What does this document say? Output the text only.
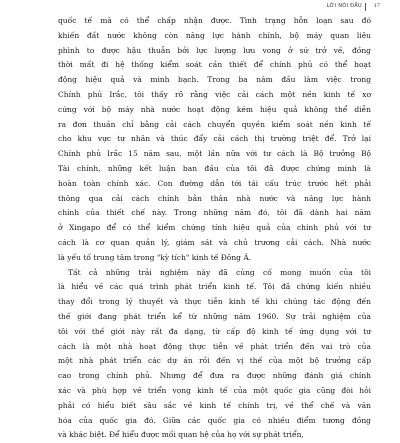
LỜI NÓI ĐẦU 17
quốc tế mà có thể chấp nhận được. Tình trạng hỗn loạn sau đó
khiến đất nước không còn năng lực hành chính, bộ máy quan liêu
phình to được hậu thuẫn bởi lực lượng lưu vong ở sứ trở về, đồng
thời mất đi hệ thống kiểm soát cần thiết để chính phủ có thể hoạt
động hiệu quả và minh bạch. Trong ba năm đầu làm việc trong
Chính phủ Irắc, tôi thấy rõ rằng việc cải cách một nền kinh tế xơ
cứng với bộ máy nhà nước hoạt động kém hiệu quả không thể diễn
ra đơn thuần chỉ bằng cải cách chuyển quyền kiểm soát nền kinh tế
cho khu vực tư nhân và thúc đẩy cải cách thị trường triệt để. Trở lại
Chính phủ Irắc 15 năm sau, một lần nữa với tư cách là Bộ trưởng Bộ
Tài chính, những kết luận ban đầu của tôi đã được chứng minh là
hoàn toàn chính xác. Con đường dẫn tới tái cấu trúc trước hết phải
thông qua cải cách chính bản thân nhà nước và năng lực hành
chính của thiết chế này. Trong những năm đó, tôi đã dành hai năm
ở Xingapo để có thể kiểm chứng tính hiệu quả của chính phủ với tư
cách là cơ quan quản lý, giám sát và chủ trương cải cách. Nhà nước
là yếu tố trung tâm trong "kỳ tích" kinh tế Đông Á.
Tất cả những trải nghiệm này đã củng cố mong muốn của tôi
là hiểu về các quá trình phát triển kinh tế. Tôi đã chứng kiến nhiều
thay đổi trong lý thuyết và thực tiễn kinh tế khi chúng tác động đến
thế giới đang phát triển kể từ những năm 1960. Sự trải nghiệm của
tôi với thế giới này rất đa dạng, từ cấp độ kinh tế ứng dụng với tư
cách là một nhà hoạt động thực tiễn về phát triển đến vai trò của
một nhà phát triển các dự án rồi đến vị thế của một bộ trưởng cấp
cao trong chính phủ. Nhưng để đưa ra được những đánh giá chính
xác và phù hợp về triển vọng kinh tế của một quốc gia cũng đòi hỏi
phải có hiểu biết sâu sắc về kinh tế chính trị, về thể chế và văn
hóa của quốc gia đó. Giữa các quốc gia có nhiều điểm tương đồng
và khác biệt. Để hiểu được mối quan hệ của họ với sự phát triển,
